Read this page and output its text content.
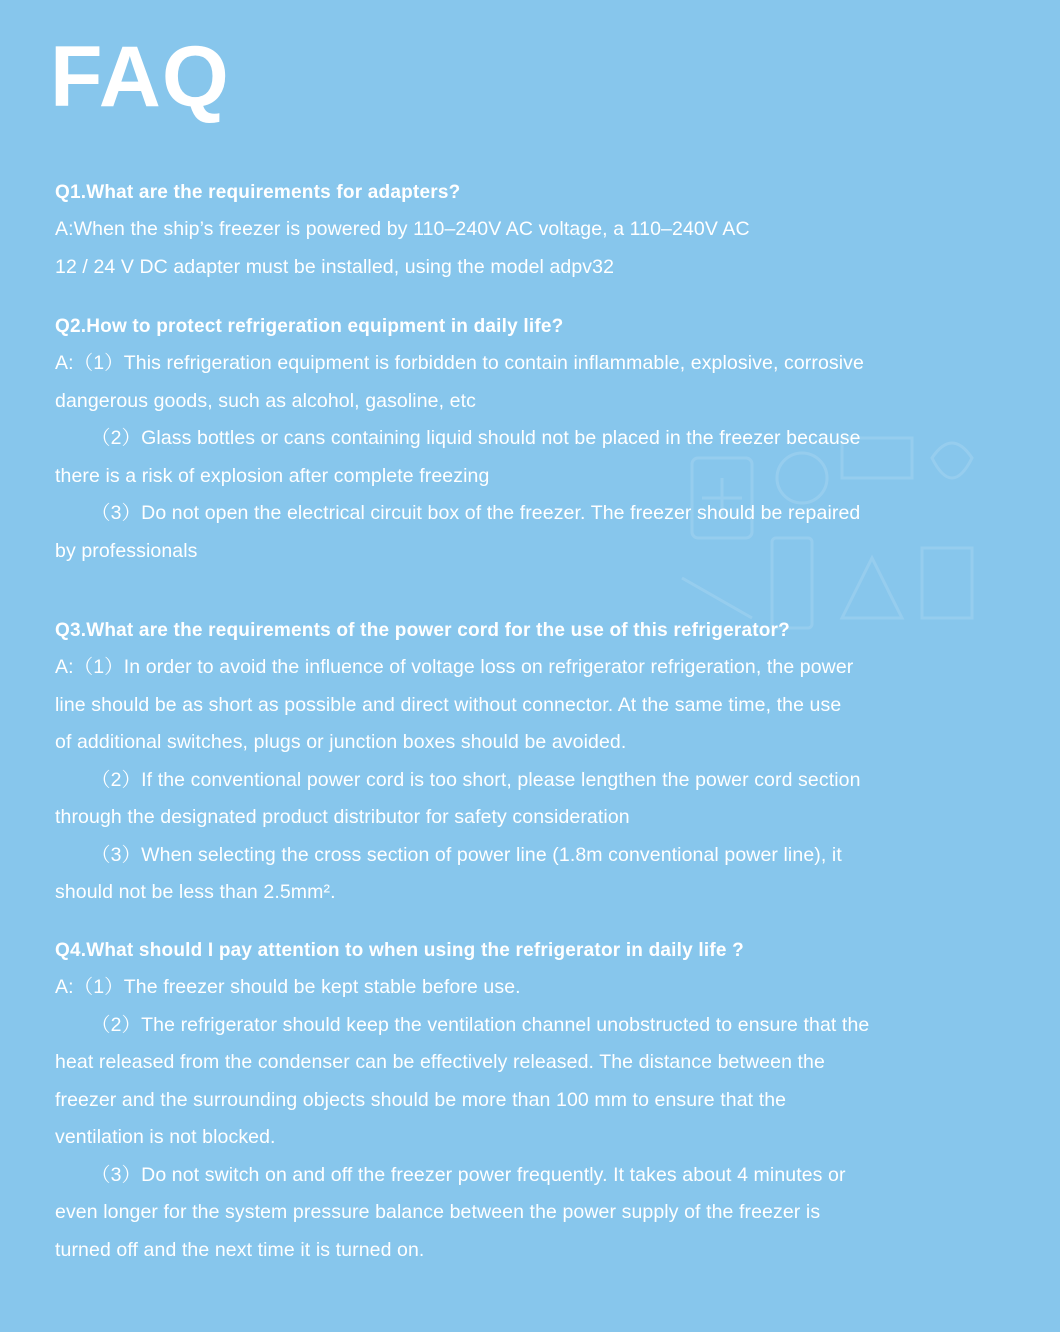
FAQ

Q1.What are the requirements for adapters?

A:When the ship’s freezer is powered by 110–240V AC voltage, a 110–240V AC

12 / 24 V DC adapter must be installed, using the model adpv32

Q2.How to protect refrigeration equipment in daily life?

A:（1）This refrigeration equipment is forbidden to contain inflammable, explosive, corrosive

dangerous goods, such as alcohol, gasoline, etc

（2）Glass bottles or cans containing liquid should not be placed in the freezer because

there is a risk of explosion after complete freezing

（3）Do not open the electrical circuit box of the freezer. The freezer should be repaired

by professionals

Q3.What are the requirements of the power cord for the use of this refrigerator?

A:（1）In order to avoid the influence of voltage loss on refrigerator refrigeration, the power

line should be as short as possible and direct without connector. At the same time, the use

of additional switches, plugs or junction boxes should be avoided.

（2）If the conventional power cord is too short, please lengthen the power cord section

through the designated product distributor for safety consideration

（3）When selecting the cross section of power line (1.8m conventional power line), it

should not be less than 2.5mm².

Q4.What should I pay attention to when using the refrigerator in daily life ?

A:（1）The freezer should be kept stable before use.

（2）The refrigerator should keep the ventilation channel unobstructed to ensure that the

heat released from the condenser can be effectively released. The distance between the

freezer and the surrounding objects should be more than 100 mm to ensure that the

ventilation is not blocked.

（3）Do not switch on and off the freezer power frequently. It takes about 4 minutes or

even longer for the system pressure balance between the power supply of the freezer is

turned off and the next time it is turned on.
